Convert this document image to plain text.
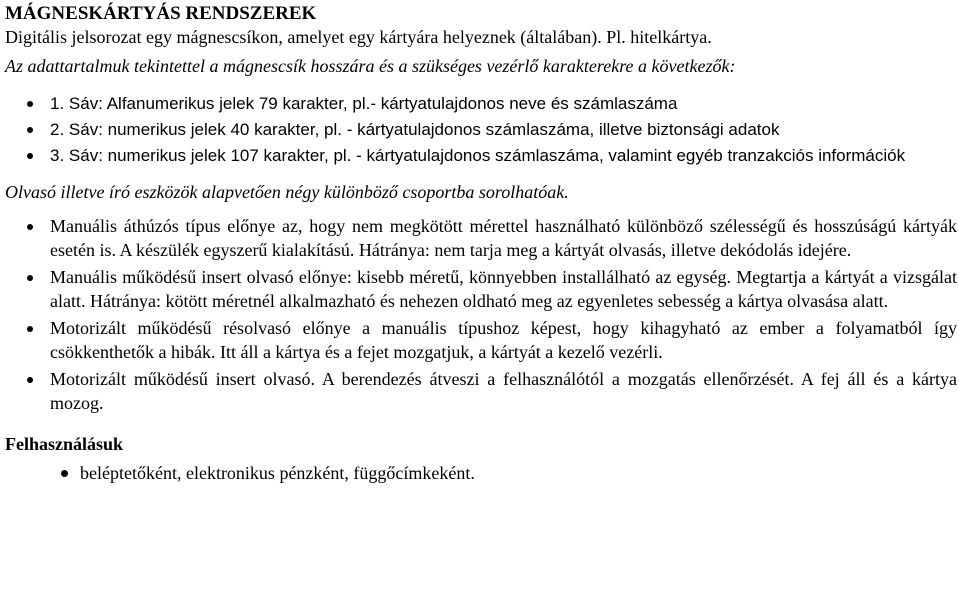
MÁGNESKÁRTYÁS RENDSZEREK

Digitális jelsorozat egy mágnescsíkon, amelyet egy kártyára helyeznek (általában). Pl. hitelkártya.

Az adattartalmuk tekintettel a mágnescsík hosszára és a szükséges vezérlő karakterekre a következők:

1. Sáv: Alfanumerikus jelek 79 karakter, pl.- kártyatulajdonos neve és számlaszáma
2. Sáv: numerikus jelek 40 karakter, pl. - kártyatulajdonos számlaszáma, illetve biztonsági adatok
3. Sáv: numerikus jelek 107 karakter, pl. - kártyatulajdonos számlaszáma, valamint egyéb tranzakciós információk

Olvasó illetve író eszközök alapvetően négy különböző csoportba sorolhatóak.

Manuális áthúzós típus előnye az, hogy nem megkötött mérettel használható különböző szélességű és hosszúságú kártyák esetén is. A készülék egyszerű kialakítású. Hátránya: nem tarja meg a kártyát olvasás, illetve dekódolás idejére.
Manuális működésű insert olvasó előnye: kisebb méretű, könnyebben installálható az egység. Megtartja a kártyát a vizsgálat alatt. Hátránya: kötött méretnél alkalmazható és nehezen oldható meg az egyenletes sebesség a kártya olvasása alatt.
Motorizált működésű résolvasó előnye a manuális típushoz képest, hogy kihagyható az ember a folyamatból így csökkenthetők a hibák. Itt áll a kártya és a fejet mozgatjuk, a kártyát a kezelő vezérli.
Motorizált működésű insert olvasó. A berendezés átveszi a felhasználótól a mozgatás ellenőrzését. A fej áll és a kártya mozog.
Felhasználásuk
beléptetőként, elektronikus pénzként, függőcímkeként.
